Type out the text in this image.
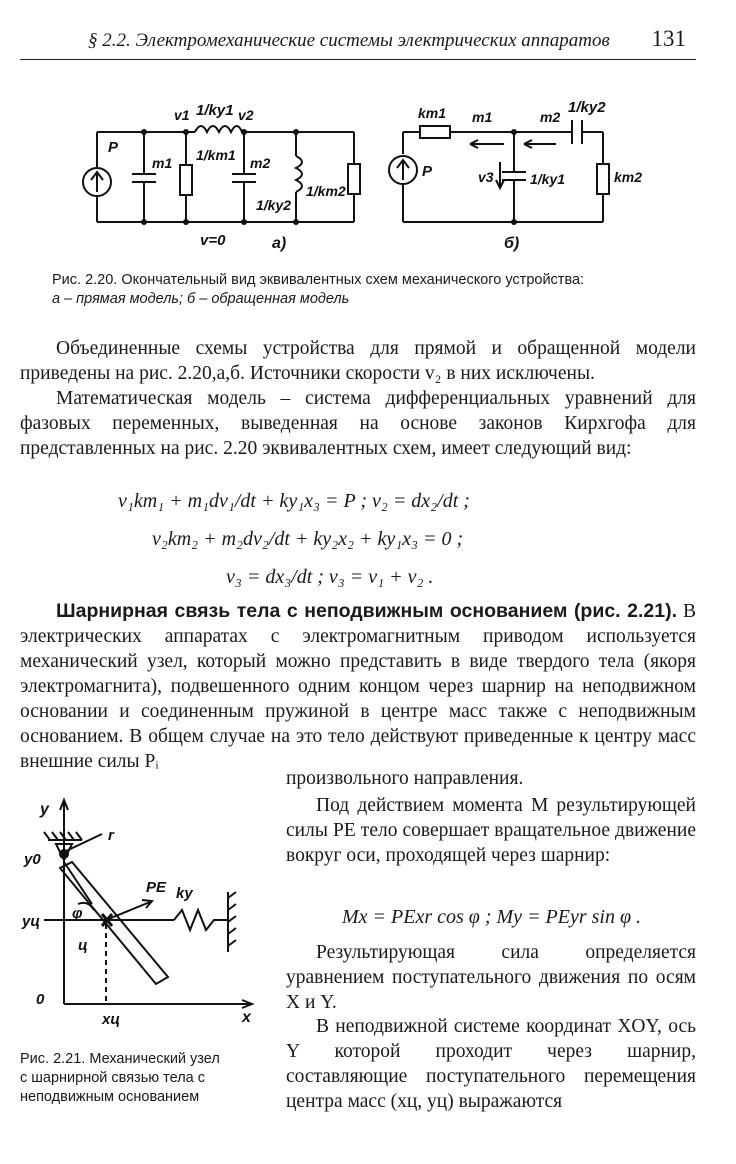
§ 2.2. Электромеханические системы электрических аппаратов 131
P
v1 1/ky1 v2
m1 1/kт1 m2
1/ky2
1/kт2
v=0	а)
kт1 m1	m2
1/ky2
P	v3	1/ky1	kт2
б)
Рис. 2.20. Окончательный вид эквивалентных схем механического устройства:
а – прямая модель; б – обращенная модель
Объединенные схемы устройства для прямой и обращенной модели приведены на рис. 2.20,а,б. Источники скорости v₂ в них исключены.
Математическая модель – система дифференциальных уравнений для фазовых переменных, выведенная на основе законов Кирхгофа для представленных на рис. 2.20 эквивалентных схем, имеет следующий вид:
v₁kт₁ + m₁dv₁/dt + ky₁x₃ = P ; v₂ = dx₂/dt ;
v₂kт₂ + m₂dv₂/dt + ky₂x₂ + ky₁x₃ = 0 ;
v₃ = dx₃/dt ; v₃ = v₁ + v₂ .
Шарнирная связь тела с неподвижным основанием (рис. 2.21). В электрических аппаратах с электромагнитным приводом используется механический узел, который можно представить в виде твердого тела (якоря электромагнита), подвешенного одним концом через шарнир на неподвижном основании и соединенным пружиной в центре масс также с неподвижным основанием. В общем случае на это тело действуют приведенные к центру масс внешние силы Pᵢ
произвольного направления.
y
y0
r
φ
PE ky
yц
ц
0
xц	x
Под действием момента M результирующей силы PE тело совершает вращательное движение вокруг оси, проходящей через шарнир:
Mx = PExr cos φ ; My = PEyr sin φ .
Результирующая сила определяется уравнением поступательного движения по осям X и Y.
В неподвижной системе координат XOY, ось Y которой проходит через шарнир, составляющие поступательного перемещения центра масс (xц, yц) выражаются
Рис. 2.21. Механический узел
с шарнирной связью тела с
неподвижным основанием
